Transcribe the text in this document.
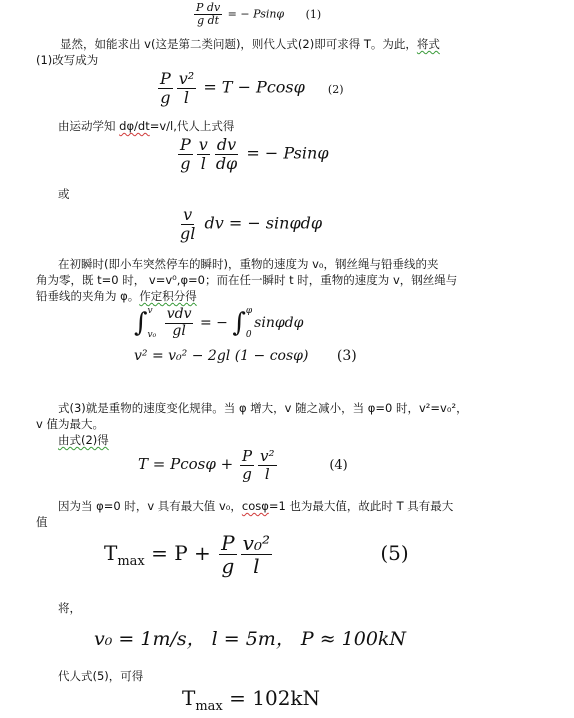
$\frac{\text{P dv}}{\text{g dt}}$ = − Psinφ (1)
显然，如能求出 v(这是第二类问题)，则代人式(2)即可求得 T。为此，将式
(1)改写成为
$\frac{P}{g} \frac{\text{v²}}{l} = T - Pcos\varphi$ (2)
由运动学知 dφ/dt=v/l,代人上式得
$\frac{P}{g} \frac{v}{l} \frac{dv}{d\varphi}$ = − Psinφ
或
$\frac{v}{gl}$ dv = − sinφdφ
在初瞬时(即小车突然停车的瞬时)，重物的速度为 v₀，钢丝绳与铅垂线的夹
角为零，既 t=0 时， v=v⁰,φ=0；而在任一瞬时 t 时，重物的速度为 v，钢丝绳与
铅垂线的夹角为 φ。作定积分得
∫ v
v₀
$\frac{\text{vdv}}{gl}$ = − ∫ φ
0
sinφdφ
v² = v₀² − 2gl (1 − cosφ) (3)
式(3)就是重物的速度变化规律。当 φ 增大，v 随之减小，当 φ=0 时，v²=v₀²，
v 值为最大。
由式(2)得
$T = Pcos\varphi + \frac{P}{g} \frac{\text{v²}}{l}$	(4)
因为当 φ=0 时，v 具有最大值 v₀，cosφ=1 也为最大值，故此时 T 具有最大
值
$T_{max} = P + \frac{P}{g} \frac{\text{v₀²}}{l}$	(5)
将，
v₀ = 1m/s， l = 5m， P ≈ 100kN
代人式(5)，可得
$T_{max} = 102kN$
